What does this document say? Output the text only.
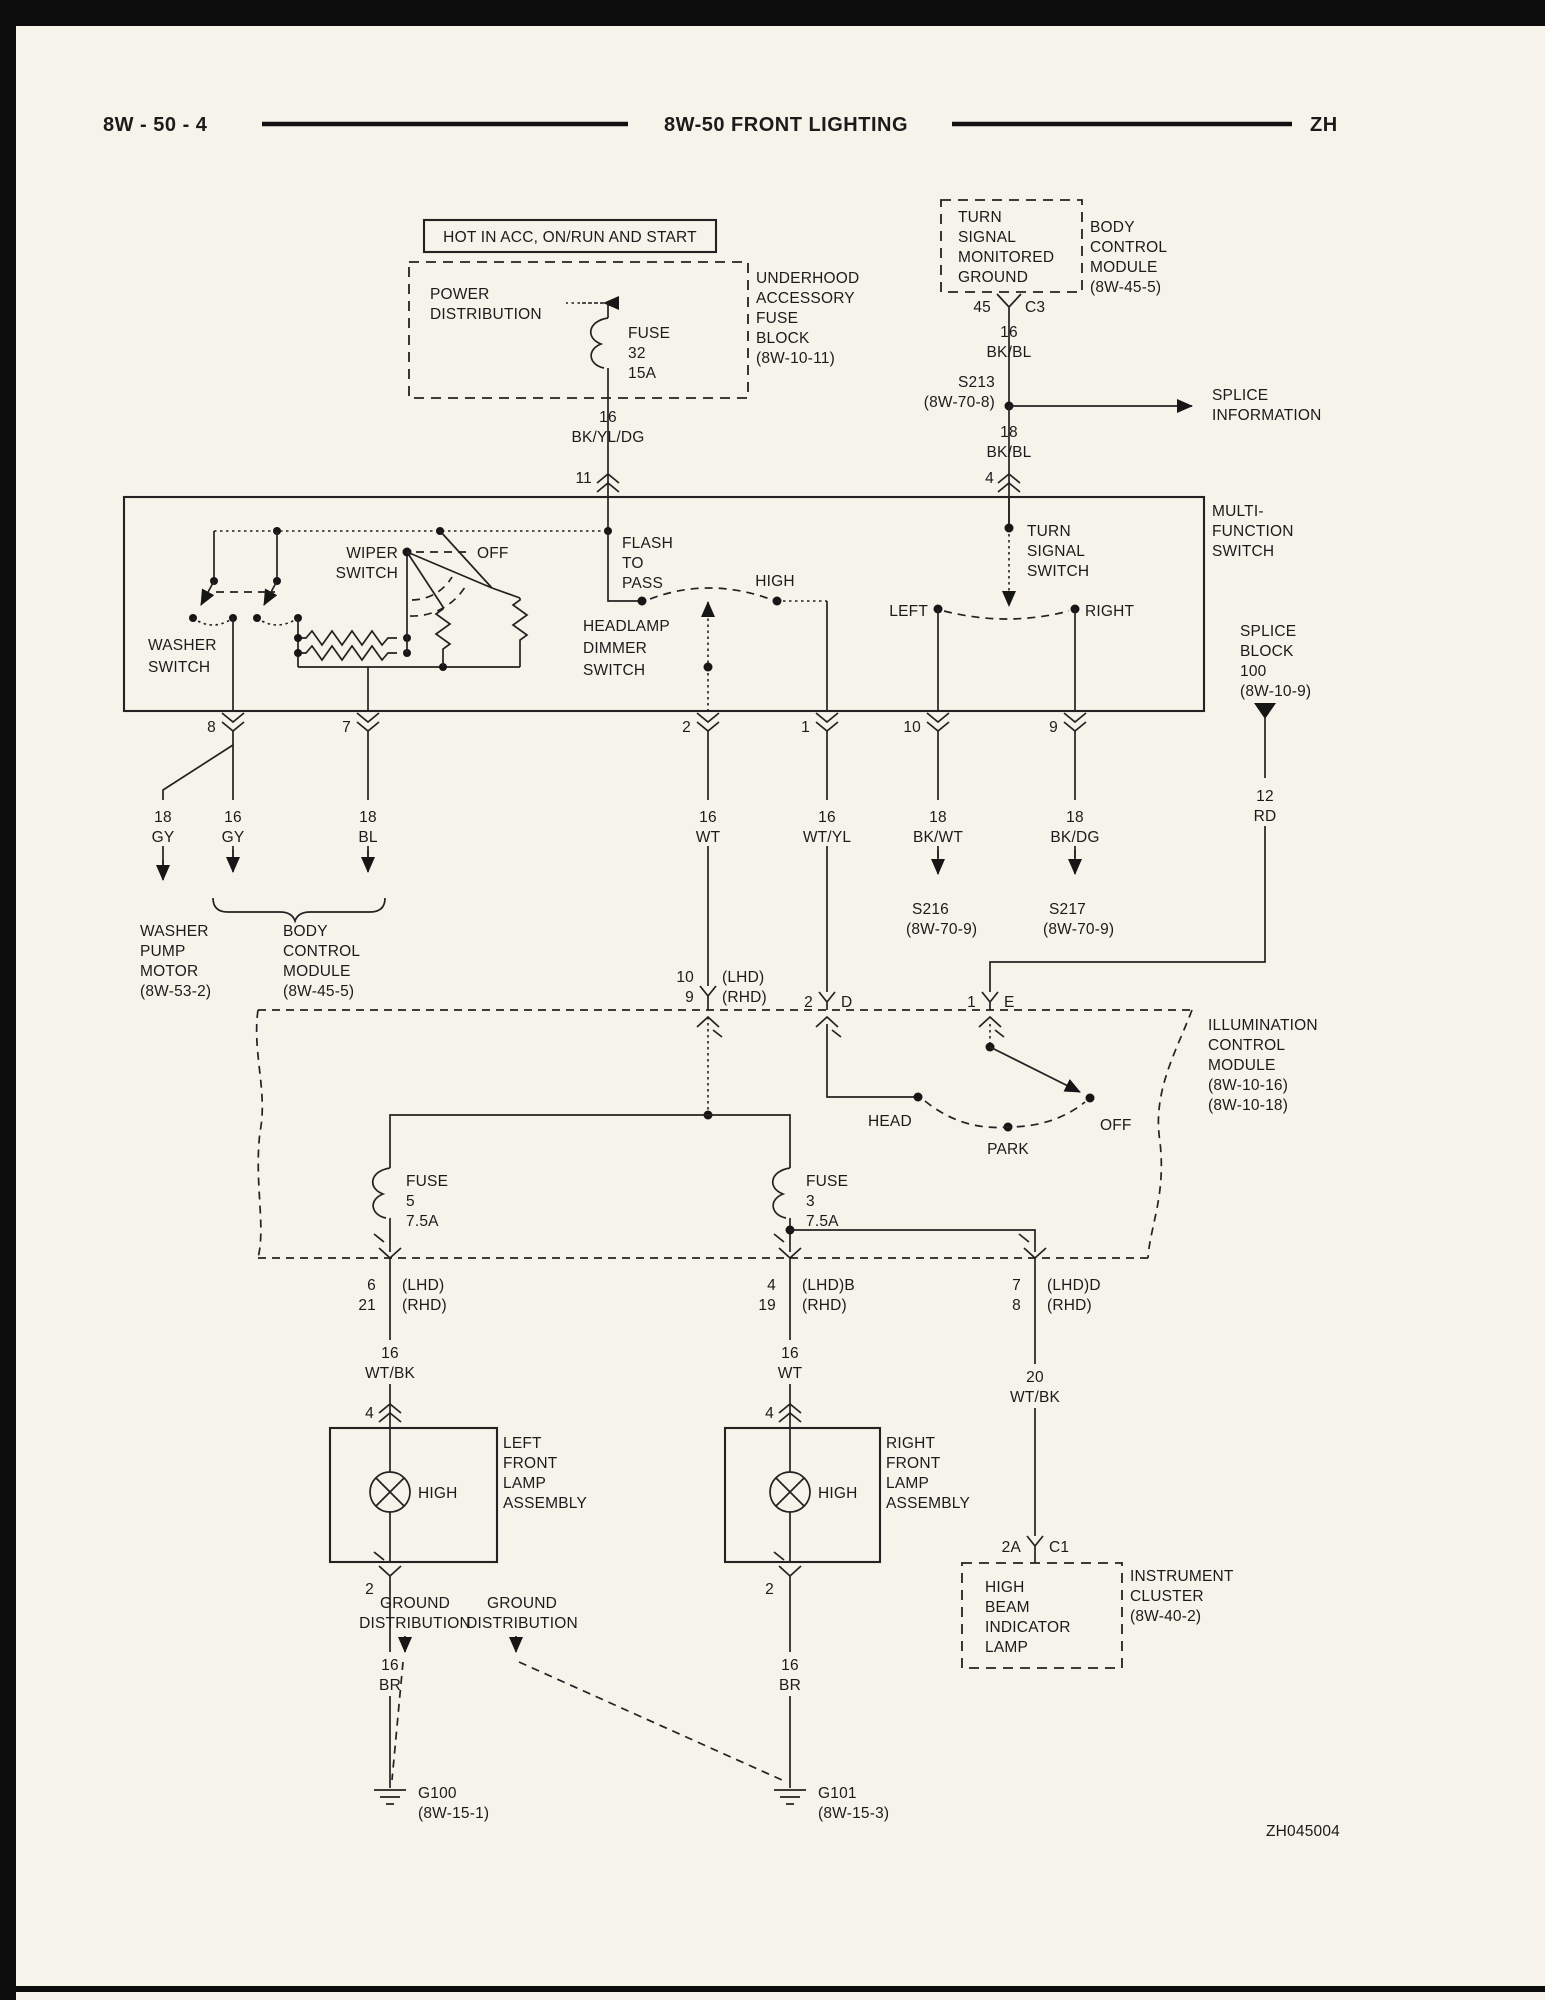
8W - 50 - 4	8W-50 FRONT LIGHTING	ZH
HOT IN ACC, ON/RUN AND START
POWER
DISTRIBUTION
FUSE
32
15A
UNDERHOOD
ACCESSORY
FUSE
BLOCK
(8W-10-11)
16
BK/YL/DG
11
TURN
SIGNAL
MONITORED
GROUND
BODY
CONTROL
MODULE
(8W-45-5)
45 C3
16
BK/BL
S213
(8W-70-8)	SPLICE
INFORMATION
18
BK/BL
4
MULTI-
FUNCTION
SWITCH
WIPER
SWITCH
OFF
WASHER
SWITCH
FLASH
TO
PASS	HIGH
HEADLAMP
DIMMER
SWITCH
TURN
SIGNAL
SWITCH
LEFT	RIGHT
8	7	2	1	10	9
18
GY
16
GY
18
BL
WASHER
PUMP
MOTOR
(8W-53-2)
BODY
CONTROL
MODULE
(8W-45-5)
16
WT
16
WT/YL
18
BK/WT
S216
(8W-70-9)
18
BK/DG
S217
(8W-70-9)
SPLICE
BLOCK
100
(8W-10-9)
12
RD
ILLUMINATION
CONTROL
MODULE
(8W-10-16)
(8W-10-18)
10
9
(LHD)
(RHD) 2 D	1 E
HEAD
PARK
OFF
FUSE
5
7.5A
FUSE
3
7.5A
6
21
(LHD)
(RHD)
4
19
(LHD)B
(RHD)
7
8
(LHD)D
(RHD)
16
WT/BK
4
HIGH
LEFT
FRONT
LAMP
ASSEMBLY
2
16
BR
G100
(8W-15-1)
16
WT
4
HIGH
RIGHT
FRONT
LAMP
ASSEMBLY
2
16
BR
G101
(8W-15-3)
GROUND
DISTRIBUTION
GROUND
DISTRIBUTION
20
WT/BK
2A C1
HIGH
BEAM
INDICATOR
LAMP
INSTRUMENT
CLUSTER
(8W-40-2)
ZH045004
